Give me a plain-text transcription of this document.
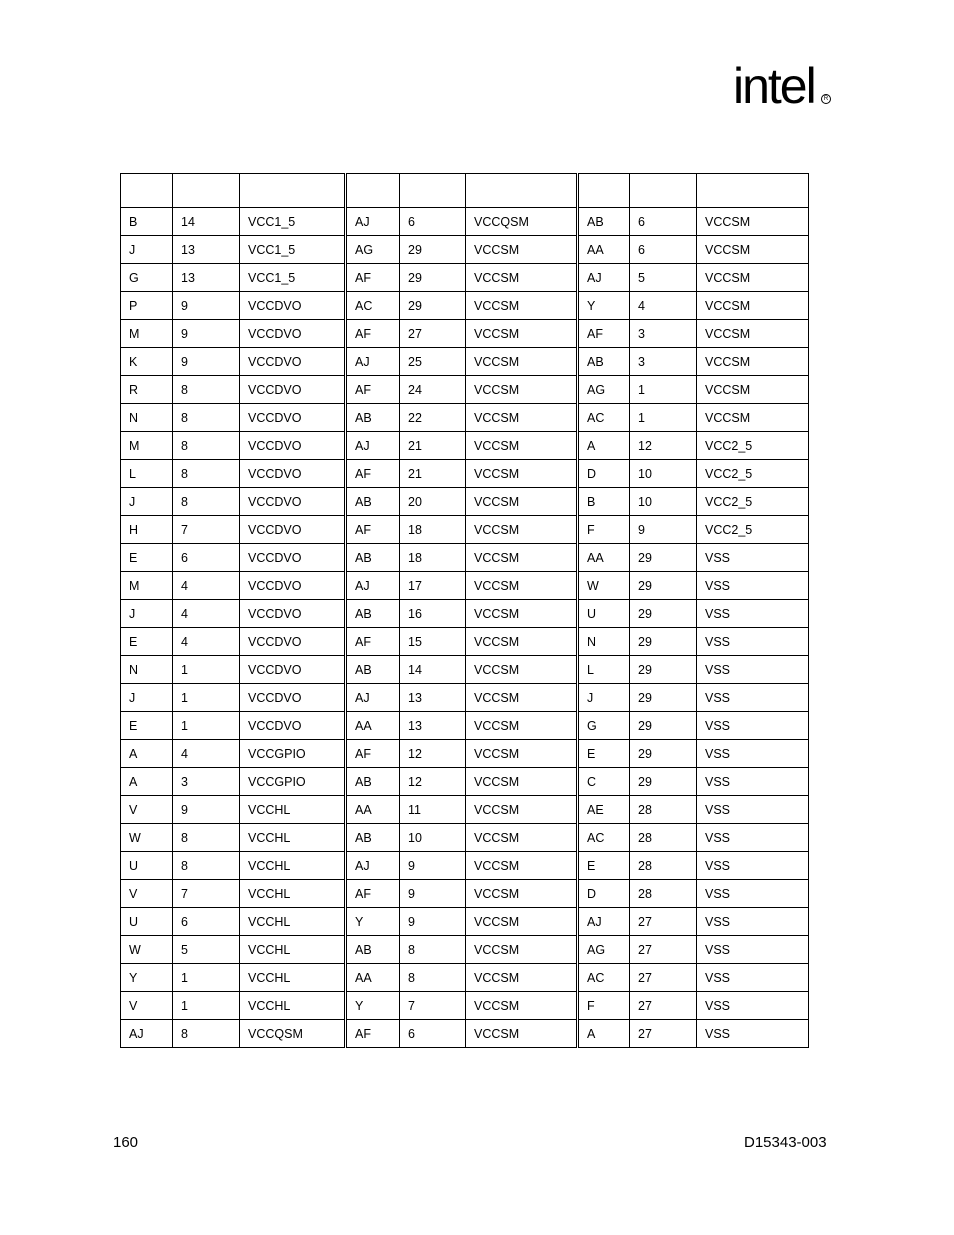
intel	R

B	14	VCC1_5	AJ	6	VCCQSM	AB	6	VCCSM
J	13	VCC1_5	AG	29	VCCSM	AA	6	VCCSM
G	13	VCC1_5	AF	29	VCCSM	AJ	5	VCCSM
P	9	VCCDVO	AC	29	VCCSM	Y	4	VCCSM
M	9	VCCDVO	AF	27	VCCSM	AF	3	VCCSM
K	9	VCCDVO	AJ	25	VCCSM	AB	3	VCCSM
R	8	VCCDVO	AF	24	VCCSM	AG	1	VCCSM
N	8	VCCDVO	AB	22	VCCSM	AC	1	VCCSM
M	8	VCCDVO	AJ	21	VCCSM	A	12	VCC2_5
L	8	VCCDVO	AF	21	VCCSM	D	10	VCC2_5
J	8	VCCDVO	AB	20	VCCSM	B	10	VCC2_5
H	7	VCCDVO	AF	18	VCCSM	F	9	VCC2_5
E	6	VCCDVO	AB	18	VCCSM	AA	29	VSS
M	4	VCCDVO	AJ	17	VCCSM	W	29	VSS
J	4	VCCDVO	AB	16	VCCSM	U	29	VSS
E	4	VCCDVO	AF	15	VCCSM	N	29	VSS
N	1	VCCDVO	AB	14	VCCSM	L	29	VSS
J	1	VCCDVO	AJ	13	VCCSM	J	29	VSS
E	1	VCCDVO	AA	13	VCCSM	G	29	VSS
A	4	VCCGPIO	AF	12	VCCSM	E	29	VSS
A	3	VCCGPIO	AB	12	VCCSM	C	29	VSS
V	9	VCCHL	AA	11	VCCSM	AE	28	VSS
W	8	VCCHL	AB	10	VCCSM	AC	28	VSS
U	8	VCCHL	AJ	9	VCCSM	E	28	VSS
V	7	VCCHL	AF	9	VCCSM	D	28	VSS
U	6	VCCHL	Y	9	VCCSM	AJ	27	VSS
W	5	VCCHL	AB	8	VCCSM	AG	27	VSS
Y	1	VCCHL	AA	8	VCCSM	AC	27	VSS
V	1	VCCHL	Y	7	VCCSM	F	27	VSS
AJ	8	VCCQSM	AF	6	VCCSM	A	27	VSS
160	D15343-003
